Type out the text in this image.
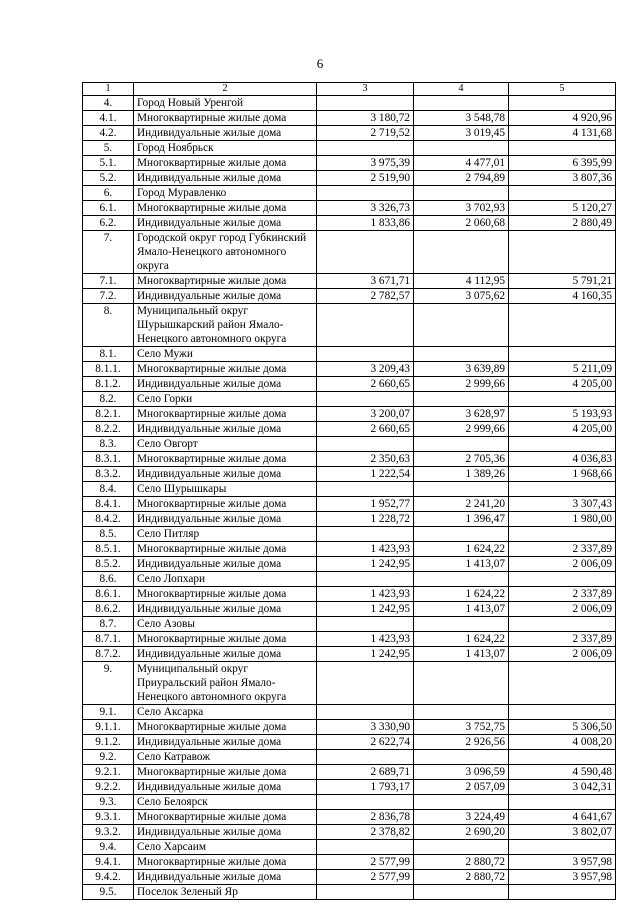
6
1	2	3	4	5
4.	Город Новый Уренгой			
4.1.	Многоквартирные жилые дома	3 180,72	3 548,78	4 920,96
4.2.	Индивидуальные жилые дома	2 719,52	3 019,45	4 131,68
5.	Город Ноябрьск			
5.1.	Многоквартирные жилые дома	3 975,39	4 477,01	6 395,99
5.2.	Индивидуальные жилые дома	2 519,90	2 794,89	3 807,36
6.	Город Муравленко			
6.1.	Многоквартирные жилые дома	3 326,73	3 702,93	5 120,27
6.2.	Индивидуальные жилые дома	1 833,86	2 060,68	2 880,49
7.	Городской округ город Губкинский Ямало-Ненецкого автономного округа			
7.1.	Многоквартирные жилые дома	3 671,71	4 112,95	5 791,21
7.2.	Индивидуальные жилые дома	2 782,57	3 075,62	4 160,35
8.	Муниципальный округ Шурышкарский район Ямало-Ненецкого автономного округа			
8.1.	Село Мужи			
8.1.1.	Многоквартирные жилые дома	3 209,43	3 639,89	5 211,09
8.1.2.	Индивидуальные жилые дома	2 660,65	2 999,66	4 205,00
8.2.	Село Горки			
8.2.1.	Многоквартирные жилые дома	3 200,07	3 628,97	5 193,93
8.2.2.	Индивидуальные жилые дома	2 660,65	2 999,66	4 205,00
8.3.	Село Овгорт			
8.3.1.	Многоквартирные жилые дома	2 350,63	2 705,36	4 036,83
8.3.2.	Индивидуальные жилые дома	1 222,54	1 389,26	1 968,66
8.4.	Село Шурышкары			
8.4.1.	Многоквартирные жилые дома	1 952,77	2 241,20	3 307,43
8.4.2.	Индивидуальные жилые дома	1 228,72	1 396,47	1 980,00
8.5.	Село Питляр			
8.5.1.	Многоквартирные жилые дома	1 423,93	1 624,22	2 337,89
8.5.2.	Индивидуальные жилые дома	1 242,95	1 413,07	2 006,09
8.6.	Село Лопхари			
8.6.1.	Многоквартирные жилые дома	1 423,93	1 624,22	2 337,89
8.6.2.	Индивидуальные жилые дома	1 242,95	1 413,07	2 006,09
8.7.	Село Азовы			
8.7.1.	Многоквартирные жилые дома	1 423,93	1 624,22	2 337,89
8.7.2.	Индивидуальные жилые дома	1 242,95	1 413,07	2 006,09
9.	Муниципальный округ Приуральский район Ямало-Ненецкого автономного округа			
9.1.	Село Аксарка			
9.1.1.	Многоквартирные жилые дома	3 330,90	3 752,75	5 306,50
9.1.2.	Индивидуальные жилые дома	2 622,74	2 926,56	4 008,20
9.2.	Село Катравож			
9.2.1.	Многоквартирные жилые дома	2 689,71	3 096,59	4 590,48
9.2.2.	Индивидуальные жилые дома	1 793,17	2 057,09	3 042,31
9.3.	Село Белоярск			
9.3.1.	Многоквартирные жилые дома	2 836,78	3 224,49	4 641,67
9.3.2.	Индивидуальные жилые дома	2 378,82	2 690,20	3 802,07
9.4.	Село Харсаим			
9.4.1.	Многоквартирные жилые дома	2 577,99	2 880,72	3 957,98
9.4.2.	Индивидуальные жилые дома	2 577,99	2 880,72	3 957,98
9.5.	Поселок Зеленый Яр			
